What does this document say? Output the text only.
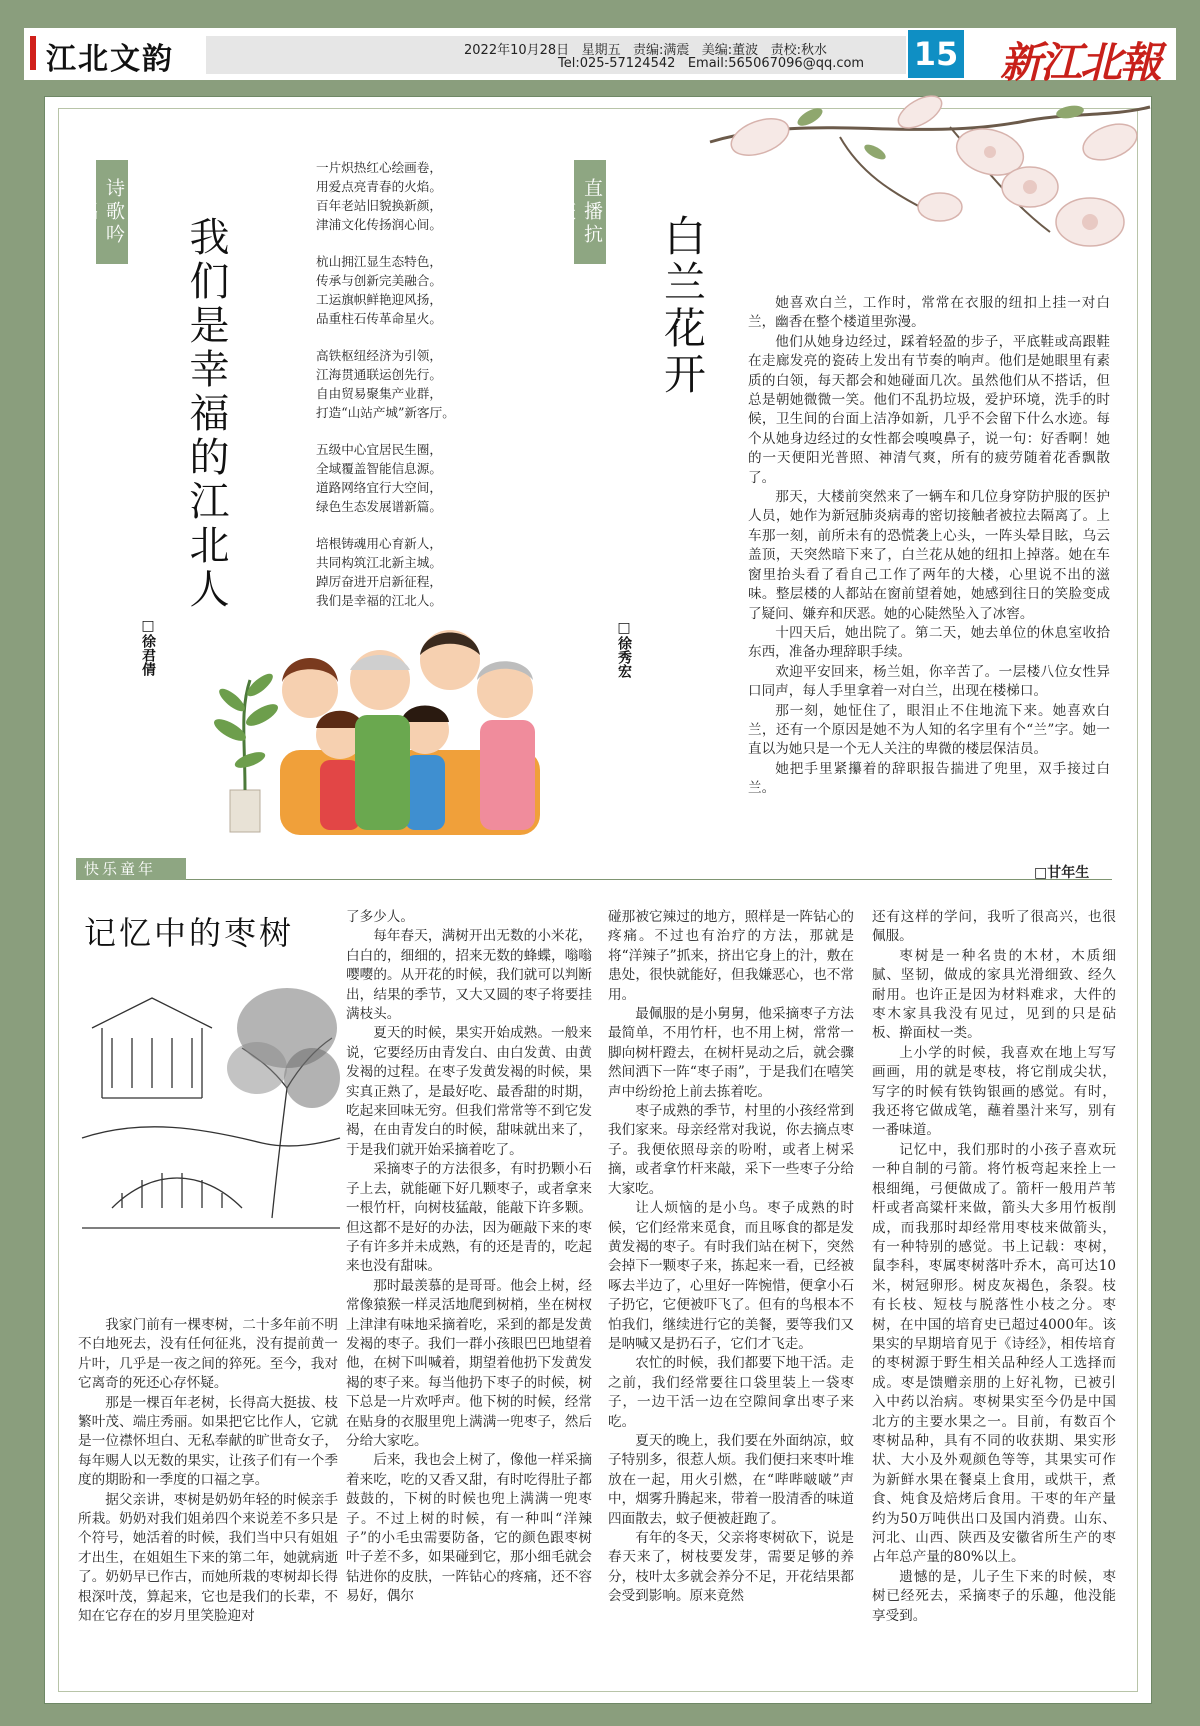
江北文韵	2022年10月28日 星期五 责编:满震 美编:董波 责校:秋水
Tel:025-57124542 Email:565067096@qq.com 15 新江北報
诗歌吟唱
我们是幸福的江北人
□徐君倩
一片炽热红心绘画卷，
用爱点亮青春的火焰。
百年老站旧貌换新颜，
津浦文化传扬润心间。
杭山拥江显生态特色，
传承与创新完美融合。
工运旗帜鲜艳迎风扬，
品重柱石传革命星火。
高铁枢纽经济为引领，
江海贯通联运创先行。
自由贸易聚集产业群，
打造“山站产城”新客厅。
五级中心宜居民生圈，
全域覆盖智能信息源。
道路网络宜行大空间，
绿色生态发展谱新篇。
培根铸魂用心育新人，
共同构筑江北新主城。
踔厉奋进开启新征程，
我们是幸福的江北人。
直播抗疫
白兰花开
□徐秀宏

她喜欢白兰，工作时，常常在衣服的纽扣上挂一对白兰，幽香在整个楼道里弥漫。

他们从她身边经过，踩着轻盈的步子，平底鞋或高跟鞋在走廊发亮的瓷砖上发出有节奏的响声。他们是她眼里有素质的白领，每天都会和她碰面几次。虽然他们从不搭话，但总是朝她微微一笑。他们不乱扔垃圾，爱护环境，洗手的时候，卫生间的台面上洁净如新，几乎不会留下什么水迹。每个从她身边经过的女性都会嗅嗅鼻子，说一句：好香啊！她的一天便阳光普照、神清气爽，所有的疲劳随着花香飘散了。

那天，大楼前突然来了一辆车和几位身穿防护服的医护人员，她作为新冠肺炎病毒的密切接触者被拉去隔离了。上车那一刻，前所未有的恐慌袭上心头，一阵头晕目眩，乌云盖顶，天突然暗下来了，白兰花从她的纽扣上掉落。她在车窗里抬头看了看自己工作了两年的大楼，心里说不出的滋味。整层楼的人都站在窗前望着她，她感到往日的笑脸变成了疑问、嫌弃和厌恶。她的心陡然坠入了冰窖。

十四天后，她出院了。第二天，她去单位的休息室收拾东西，准备办理辞职手续。

欢迎平安回来，杨兰姐，你辛苦了。一层楼八位女性异口同声，每人手里拿着一对白兰，出现在楼梯口。

那一刻，她怔住了，眼泪止不住地流下来。她喜欢白兰，还有一个原因是她不为人知的名字里有个“兰”字。她一直以为她只是一个无人关注的卑微的楼层保洁员。

她把手里紧攥着的辞职报告揣进了兜里，双手接过白兰。

快乐童年	□甘年生
记忆中的枣树

我家门前有一棵枣树，二十多年前不明不白地死去，没有任何征兆，没有提前黄一片叶，几乎是一夜之间的猝死。至今，我对它离奇的死还心存怀疑。

那是一棵百年老树，长得高大挺拔、枝繁叶茂、端庄秀丽。如果把它比作人，它就是一位襟怀坦白、无私奉献的旷世奇女子，每年赐人以无数的果实，让孩子们有一个季度的期盼和一季度的口福之享。

据父亲讲，枣树是奶奶年轻的时候亲手所栽。奶奶对我们姐弟四个来说差不多只是个符号，她活着的时候，我们当中只有姐姐才出生，在姐姐生下来的第二年，她就病逝了。奶奶早已作古，而她所栽的枣树却长得根深叶茂，算起来，它也是我们的长辈，不知在它存在的岁月里笑脸迎对

了多少人。

每年春天，满树开出无数的小米花，白白的，细细的，招来无数的蜂蝶，嗡嗡嘤嘤的。从开花的时候，我们就可以判断出，结果的季节，又大又圆的枣子将要挂满枝头。

夏天的时候，果实开始成熟。一般来说，它要经历由青发白、由白发黄、由黄发褐的过程。在枣子发黄发褐的时候，果实真正熟了，是最好吃、最香甜的时期，吃起来回味无穷。但我们常常等不到它发褐，在由青发白的时候，甜味就出来了，于是我们就开始采摘着吃了。

采摘枣子的方法很多，有时扔颗小石子上去，就能砸下好几颗枣子，或者拿来一根竹杆，向树枝猛敲，能敲下许多颗。但这都不是好的办法，因为砸敲下来的枣子有许多并未成熟，有的还是青的，吃起来也没有甜味。

那时最羡慕的是哥哥。他会上树，经常像猿猴一样灵活地爬到树梢，坐在树杈上津津有味地采摘着吃，采到的都是发黄发褐的枣子。我们一群小孩眼巴巴地望着他，在树下叫喊着，期望着他扔下发黄发褐的枣子来。每当他扔下枣子的时候，树下总是一片欢呼声。他下树的时候，经常在贴身的衣服里兜上满满一兜枣子，然后分给大家吃。

后来，我也会上树了，像他一样采摘着来吃，吃的又香又甜，有时吃得肚子都鼓鼓的，下树的时候也兜上满满一兜枣子。不过上树的时候，有一种叫“洋辣子”的小毛虫需要防备，它的颜色跟枣树叶子差不多，如果碰到它，那小细毛就会钻进你的皮肤，一阵钻心的疼痛，还不容易好，偶尔

碰那被它辣过的地方，照样是一阵钻心的疼痛。不过也有治疗的方法，那就是将“洋辣子”抓来，挤出它身上的汁，敷在患处，很快就能好，但我嫌恶心，也不常用。

最佩服的是小舅舅，他采摘枣子方法最简单，不用竹杆，也不用上树，常常一脚向树杆蹬去，在树杆晃动之后，就会骤然间洒下一阵“枣子雨”，于是我们在嘻笑声中纷纷抢上前去拣着吃。

枣子成熟的季节，村里的小孩经常到我们家来。母亲经常对我说，你去摘点枣子。我便依照母亲的吩咐，或者上树采摘，或者拿竹杆来敲，采下一些枣子分给大家吃。

让人烦恼的是小鸟。枣子成熟的时候，它们经常来觅食，而且啄食的都是发黄发褐的枣子。有时我们站在树下，突然会掉下一颗枣子来，拣起来一看，已经被啄去半边了，心里好一阵惋惜，便拿小石子扔它，它便被吓飞了。但有的鸟根本不怕我们，继续进行它的美餐，要等我们又是呐喊又是扔石子，它们才飞走。

农忙的时候，我们都要下地干活。走之前，我们经常要往口袋里装上一袋枣子，一边干活一边在空隙间拿出枣子来吃。

夏天的晚上，我们要在外面纳凉，蚊子特别多，很惹人烦。我们便扫来枣叶堆放在一起，用火引燃，在“哔哔啵啵”声中，烟雾升腾起来，带着一股清香的味道四面散去，蚊子便被赶跑了。

有年的冬天，父亲将枣树砍下，说是春天来了，树枝要发芽，需要足够的养分，枝叶太多就会养分不足，开花结果都会受到影响。原来竟然

还有这样的学问，我听了很高兴，也很佩服。

枣树是一种名贵的木材，木质细腻、坚韧，做成的家具光滑细致、经久耐用。也许正是因为材料难求，大件的枣木家具我没有见过，见到的只是砧板、擀面杖一类。

上小学的时候，我喜欢在地上写写画画，用的就是枣枝，将它削成尖状，写字的时候有铁钩银画的感觉。有时，我还将它做成笔，蘸着墨汁来写，别有一番味道。

记忆中，我们那时的小孩子喜欢玩一种自制的弓箭。将竹板弯起来拴上一根细绳，弓便做成了。箭杆一般用芦苇杆或者高粱杆来做，箭头大多用竹板削成，而我那时却经常用枣枝来做箭头，有一种特别的感觉。书上记载：枣树，鼠李科，枣属枣树落叶乔木，高可达10米，树冠卵形。树皮灰褐色，条裂。枝有长枝、短枝与脱落性小枝之分。枣树，在中国的培育史已超过4000年。该果实的早期培育见于《诗经》，相传培育的枣树源于野生相关品种经人工选择而成。枣是馈赠亲朋的上好礼物，已被引入中药以治病。枣树果实至今仍是中国北方的主要水果之一。目前，有数百个枣树品种，具有不同的收获期、果实形状、大小及外观颜色等等，其果实可作为新鲜水果在餐桌上食用，或烘干，煮食、炖食及焙烤后食用。干枣的年产量约为50万吨供出口及国内消费。山东、河北、山西、陕西及安徽省所生产的枣占年总产量的80%以上。

遗憾的是，儿子生下来的时候，枣树已经死去，采摘枣子的乐趣，他没能享受到。
